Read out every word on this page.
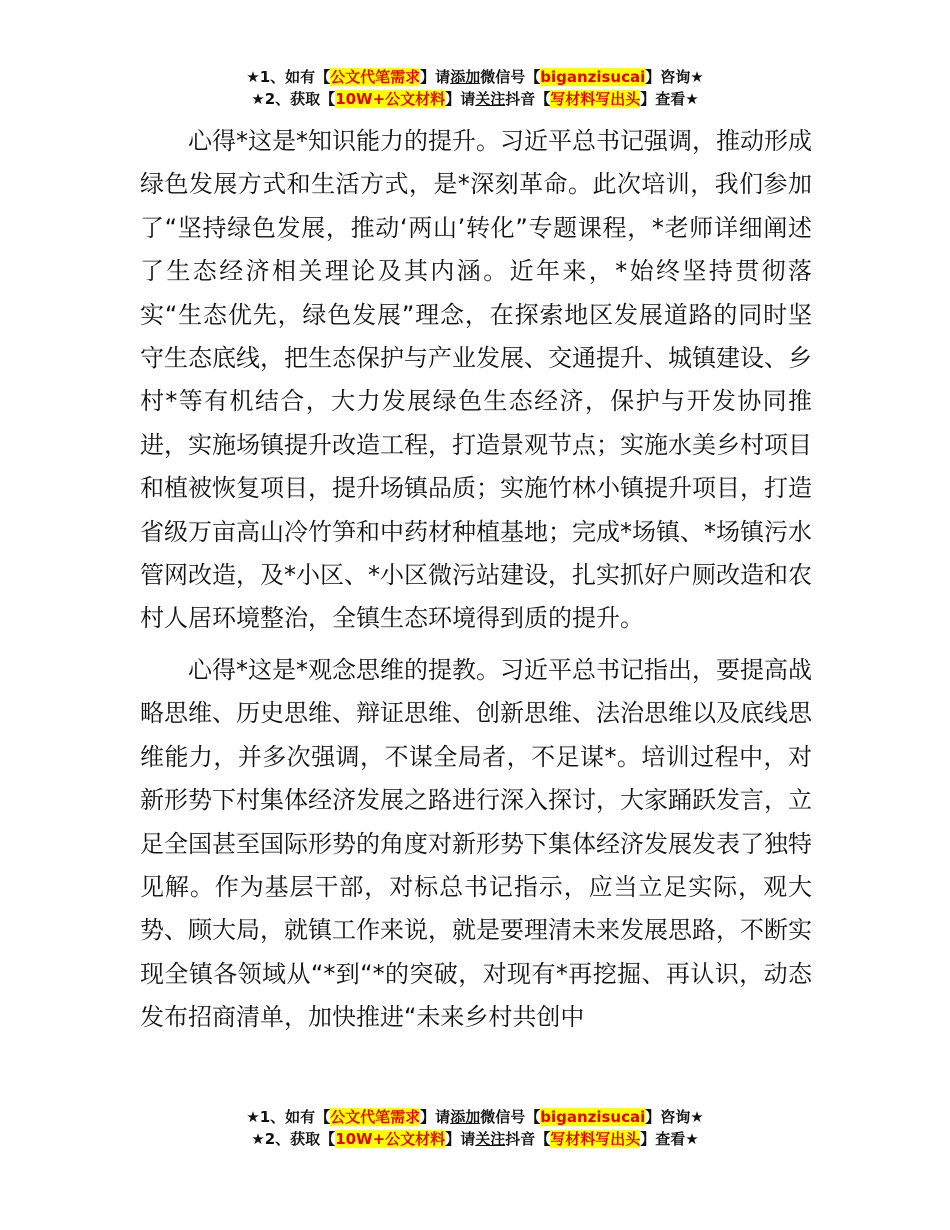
★1、如有【公文代笔需求】请添加微信号【biganzisucai】咨询★
★2、获取【10W+公文材料】请关注抖音【写材料写出头】查看★

心得*这是*知识能力的提升。习近平总书记强调，推动形成绿色发展方式和生活方式，是*深刻革命。此次培训，我们参加了“坚持绿色发展，推动‘两山’转化”专题课程，*老师详细阐述了生态经济相关理论及其内涵。近年来，*始终坚持贯彻落实“生态优先，绿色发展”理念，在探索地区发展道路的同时坚守生态底线，把生态保护与产业发展、交通提升、城镇建设、乡村*等有机结合，大力发展绿色生态经济，保护与开发协同推进，实施场镇提升改造工程，打造景观节点；实施水美乡村项目和植被恢复项目，提升场镇品质；实施竹林小镇提升项目，打造省级万亩高山冷竹笋和中药材种植基地；完成*场镇、*场镇污水管网改造，及*小区、*小区微污站建设，扎实抓好户厕改造和农村人居环境整治，全镇生态环境得到质的提升。

心得*这是*观念思维的提教。习近平总书记指出，要提高战略思维、历史思维、辩证思维、创新思维、法治思维以及底线思维能力，并多次强调，不谋全局者，不足谋*。培训过程中，对新形势下村集体经济发展之路进行深入探讨，大家踊跃发言，立足全国甚至国际形势的角度对新形势下集体经济发展发表了独特见解。作为基层干部，对标总书记指示，应当立足实际，观大势、顾大局，就镇工作来说，就是要理清未来发展思路，不断实现全镇各领域从“*到“*的突破，对现有*再挖掘、再认识，动态发布招商清单，加快推进“未来乡村共创中

★1、如有【公文代笔需求】请添加微信号【biganzisucai】咨询★
★2、获取【10W+公文材料】请关注抖音【写材料写出头】查看★
